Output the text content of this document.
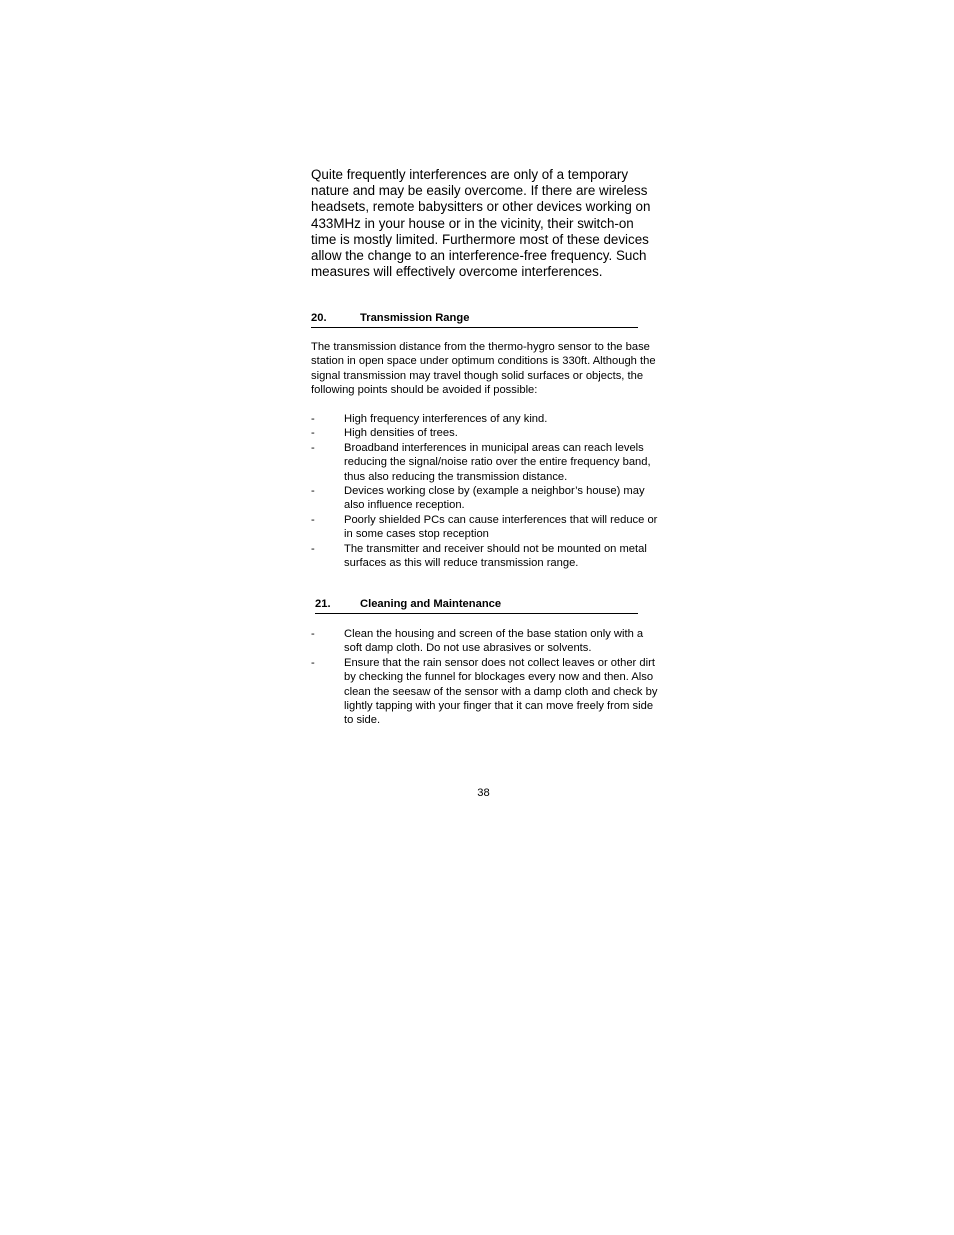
Quite frequently interferences are only of a temporary nature and may be easily overcome. If there are wireless headsets, remote babysitters or other devices working on 433MHz in your house or in the vicinity, their switch-on time is mostly limited. Furthermore most of these devices allow the change to an interference-free frequency. Such measures will effectively overcome interferences.

20.	Transmission Range

The transmission distance from the thermo-hygro sensor to the base station in open space under optimum conditions is 330ft. Although the signal transmission may travel though solid surfaces or objects, the following points should be avoided if possible:

-	High frequency interferences of any kind.
-	High densities of trees.
-	Broadband interferences in municipal areas can reach levels reducing the signal/noise ratio over the entire frequency band, thus also reducing the transmission distance.
-	Devices working close by (example a neighbor’s house) may also influence reception.
-	Poorly shielded PCs can cause interferences that will reduce or in some cases stop reception
-	The transmitter and receiver should not be mounted on metal surfaces as this will reduce transmission range.
21.	Cleaning and Maintenance
-	Clean the housing and screen of the base station only with a soft damp cloth. Do not use abrasives or solvents.
-	Ensure that the rain sensor does not collect leaves or other dirt by checking the funnel for blockages every now and then. Also clean the seesaw of the sensor with a damp cloth and check by lightly tapping with your finger that it can move freely from side to side.
38
